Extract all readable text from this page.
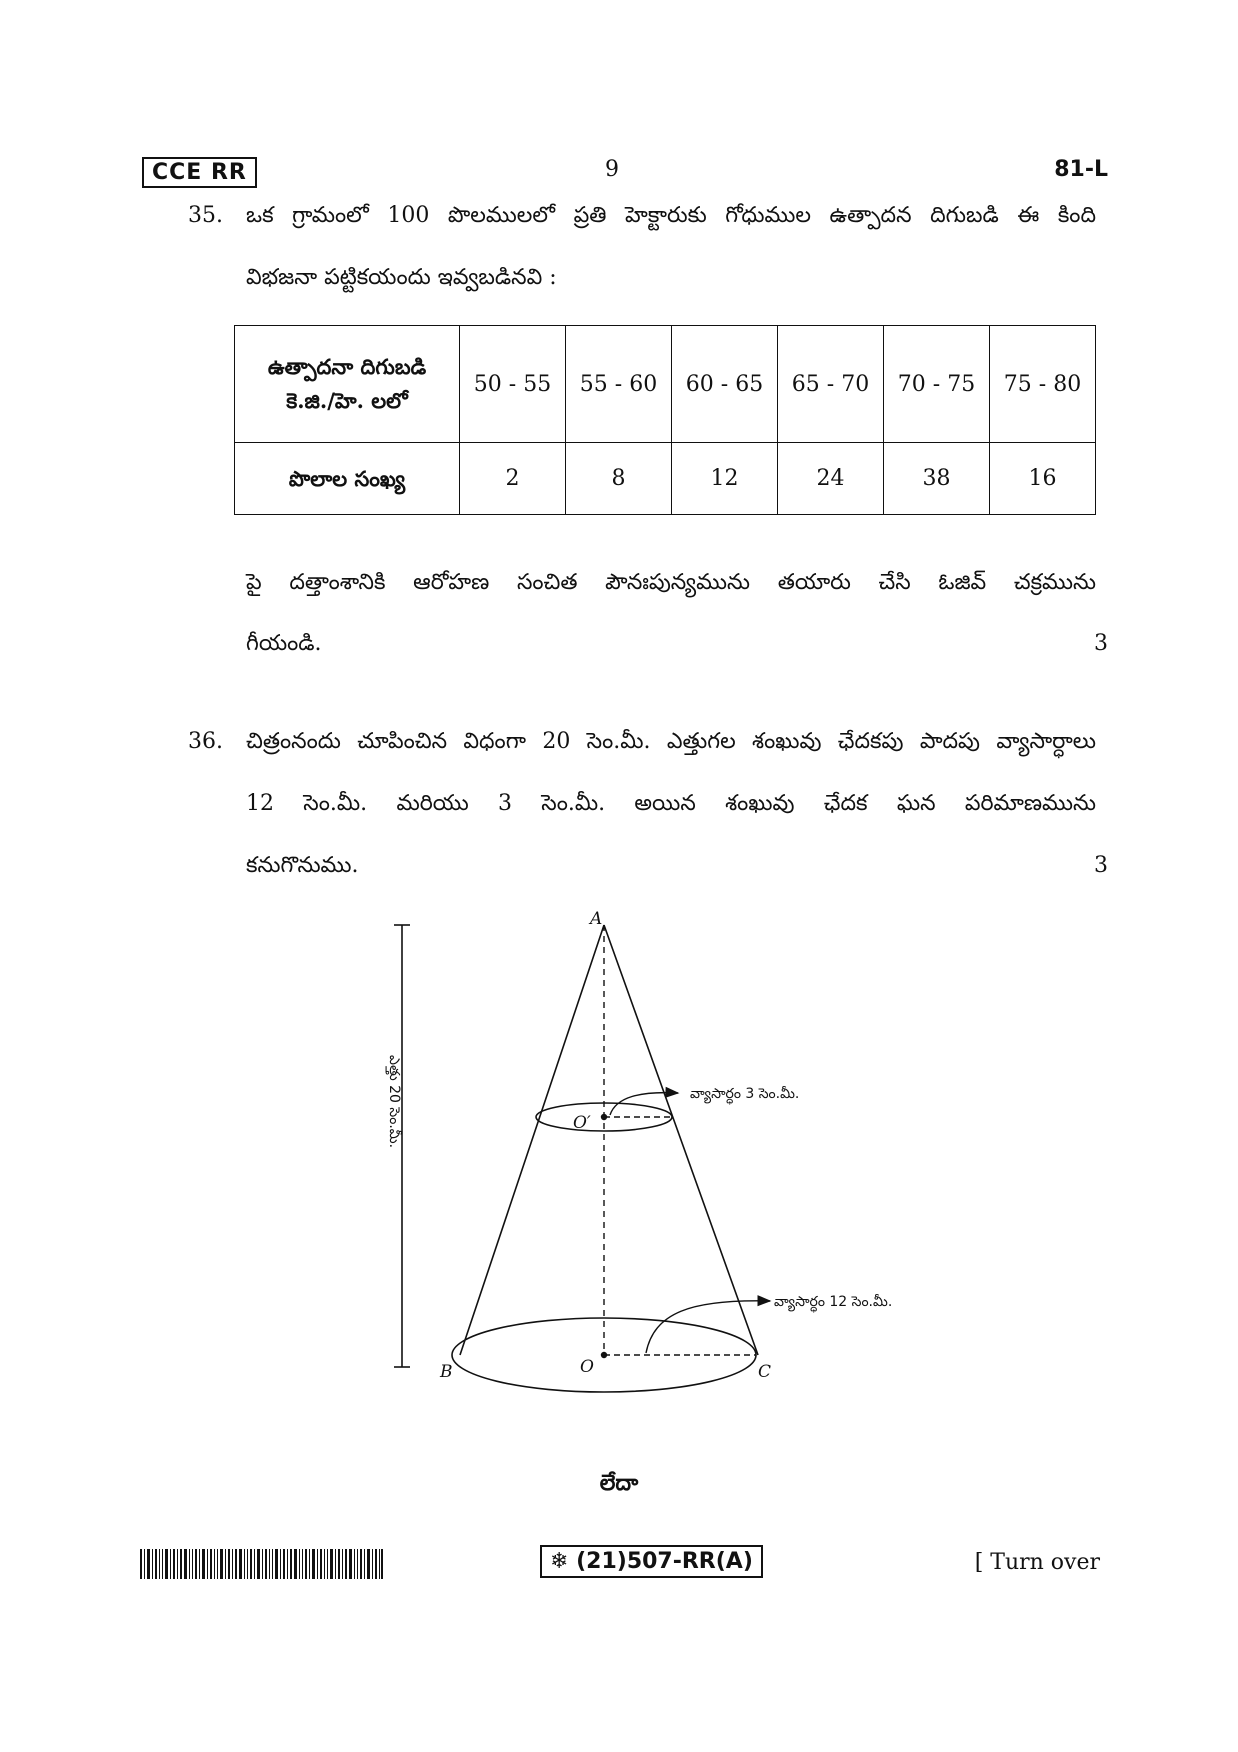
CCE RR	9	81-L
35. ఒక గ్రామంలో 100 పొలములలో ప్రతి హెక్టారుకు గోధుముల ఉత్పాదన దిగుబడి ఈ కింది
విభజనా పట్టికయందు ఇవ్వబడినవి :
ఉత్పాదనా దిగుబడి
కె.జి./హె. లలో	50 - 55	55 - 60	60 - 65	65 - 70	70 - 75	75 - 80
పొలాల సంఖ్య	2	8	12	24	38	16
పై దత్తాంశానికి ఆరోహణ సంచిత పౌనఃపున్యమును తయారు చేసి ఓజివ్ చక్రమును
గీయండి.	3
36. చిత్రంనందు చూపించిన విధంగా 20 సెం.మీ. ఎత్తుగల శంఖువు ఛేదకపు పాదపు వ్యాసార్ధాలు
12 సెం.మీ. మరియు 3 సెం.మీ. అయిన శంఖువు ఛేదక ఘన పరిమాణమును
కనుగొనుము.	3
ఎత్తు 20 సెం.మీ.
A
O′
O
B	C
వ్యాసార్ధం 3 సెం.మీ.
వ్యాసార్ధం 12 సెం.మీ.
లేదా
❄ (21)507-RR(A)	[ Turn over
